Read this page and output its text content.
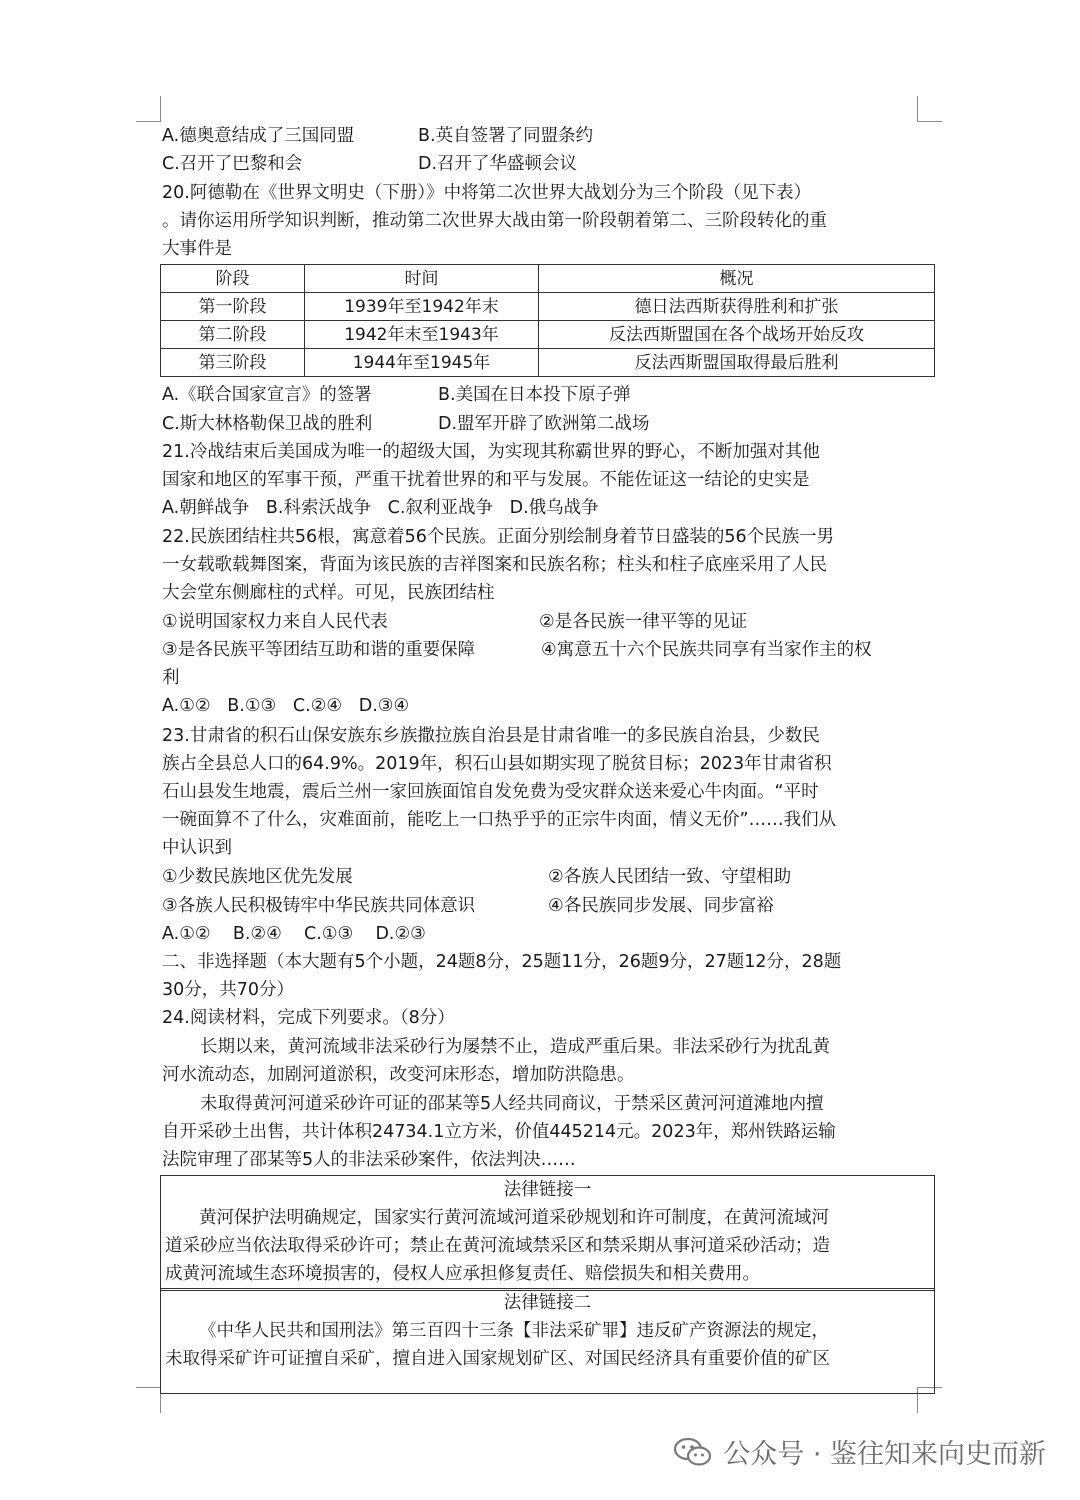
A.德奥意结成了三国同盟	B.英自签署了同盟条约
C.召开了巴黎和会	D.召开了华盛顿会议
20.阿德勒在《世界文明史（下册）》中将第二次世界大战划分为三个阶段（见下表）
。请你运用所学知识判断，推动第二次世界大战由第一阶段朝着第二、三阶段转化的重
大事件是
阶段	时间	概况
第一阶段	1939年至1942年末	德日法西斯获得胜利和扩张
第二阶段	1942年末至1943年	反法西斯盟国在各个战场开始反攻
第三阶段	1944年至1945年	反法西斯盟国取得最后胜利
A.《联合国家宣言》的签署	B.美国在日本投下原子弹
C.斯大林格勒保卫战的胜利	D.盟军开辟了欧洲第二战场
21.冷战结束后美国成为唯一的超级大国，为实现其称霸世界的野心，不断加强对其他
国家和地区的军事干预，严重干扰着世界的和平与发展。不能佐证这一结论的史实是
A.朝鲜战争   B.科索沃战争   C.叙利亚战争   D.俄乌战争
22.民族团结柱共56根，寓意着56个民族。正面分别绘制身着节日盛装的56个民族一男
一女载歌载舞图案，背面为该民族的吉祥图案和民族名称；柱头和柱子底座采用了人民
大会堂东侧廊柱的式样。可见，民族团结柱
①说明国家权力来自人民代表	②是各民族一律平等的见证
③是各民族平等团结互助和谐的重要保障	④寓意五十六个民族共同享有当家作主的权
利
A.①②   B.①③   C.②④   D.③④
23.甘肃省的积石山保安族东乡族撒拉族自治县是甘肃省唯一的多民族自治县，少数民
族占全县总人口的64.9%。2019年，积石山县如期实现了脱贫目标；2023年甘肃省积
石山县发生地震，震后兰州一家回族面馆自发免费为受灾群众送来爱心牛肉面。“平时
一碗面算不了什么，灾难面前，能吃上一口热乎乎的正宗牛肉面，情义无价”……我们从
中认识到
①少数民族地区优先发展	②各族人民团结一致、守望相助
③各族人民积极铸牢中华民族共同体意识	④各民族同步发展、同步富裕
A.①②    B.②④    C.①③    D.②③
二、非选择题（本大题有5个小题，24题8分，25题11分，26题9分，27题12分，28题
30分，共70分）
24.阅读材料，完成下列要求。（8分）
长期以来，黄河流域非法采砂行为屡禁不止，造成严重后果。非法采砂行为扰乱黄
河水流动态，加剧河道淤积，改变河床形态，增加防洪隐患。
未取得黄河河道采砂许可证的邵某等5人经共同商议，于禁采区黄河河道滩地内擅
自开采砂土出售，共计体积24734.1立方米，价值445214元。2023年，郑州铁路运输
法院审理了邵某等5人的非法采砂案件，依法判决……
法律链接一
黄河保护法明确规定，国家实行黄河流域河道采砂规划和许可制度，在黄河流域河
道采砂应当依法取得采砂许可；禁止在黄河流域禁采区和禁采期从事河道采砂活动；造
成黄河流域生态环境损害的，侵权人应承担修复责任、赔偿损失和相关费用。
法律链接二
《中华人民共和国刑法》第三百四十三条【非法采矿罪】违反矿产资源法的规定，
未取得采矿许可证擅自采矿，擅自进入国家规划矿区、对国民经济具有重要价值的矿区
公众号 · 鉴往知来向史而新
